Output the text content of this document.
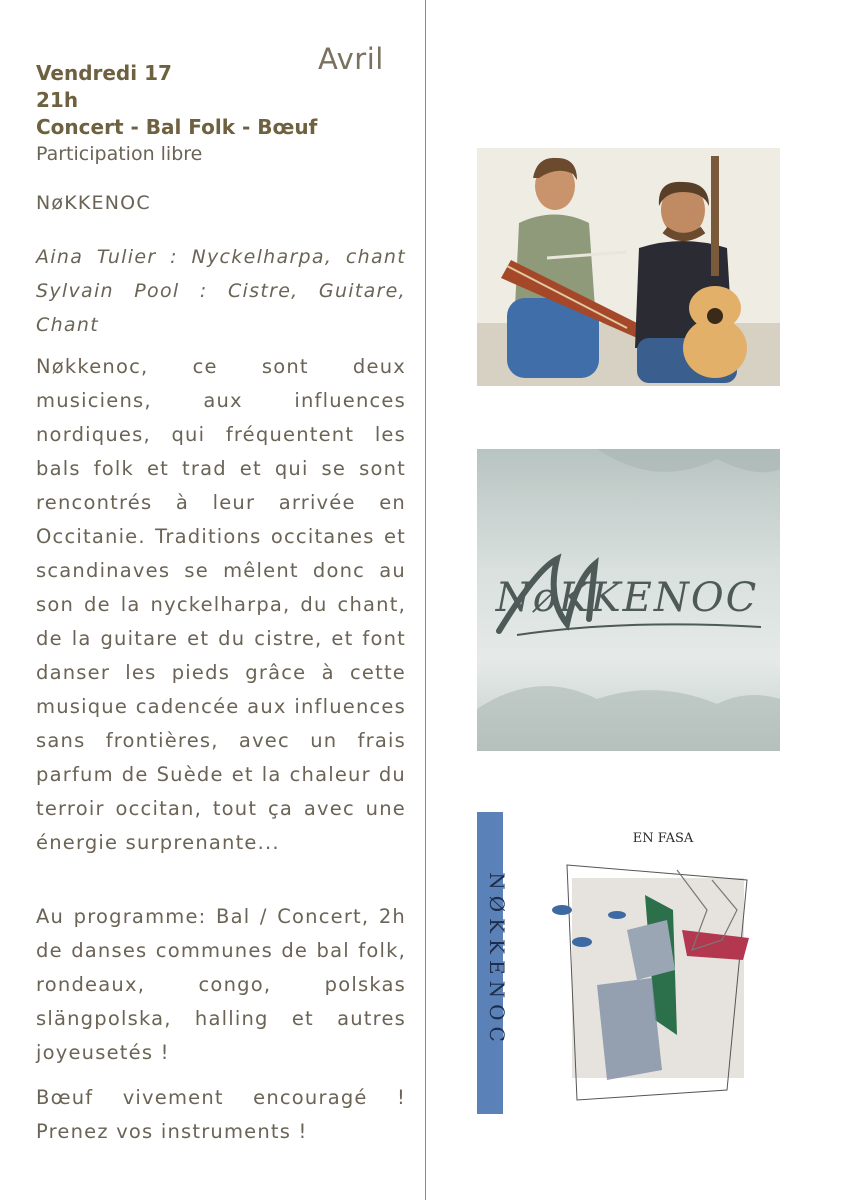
Avril
Vendredi 17
21h
Concert - Bal Folk - Bœuf
Participation libre
NøKKENOC
Aina Tulier : Nyckelharpa, chant
Sylvain Pool : Cistre, Guitare,
Chant

Nøkkenoc, ce sont deux musiciens, aux influences nordiques, qui fréquentent les bals folk et trad et qui se sont rencontrés à leur arrivée en Occitanie. Traditions occitanes et scandinaves se mêlent donc au son de la nyckelharpa, du chant, de la guitare et du cistre, et font danser les pieds grâce à cette musique cadencée aux influences sans frontières, avec un frais parfum de Suède et la chaleur du terroir occitan, tout ça avec une énergie surprenante...

Au programme: Bal / Concert, 2h de danses communes de bal folk, rondeaux, congo, polskas slängpolska, halling et autres joyeusetés !

Bœuf vivement encouragé ! Prenez vos instruments !

NøKKENOC
NØKKENOC
EN FASA
